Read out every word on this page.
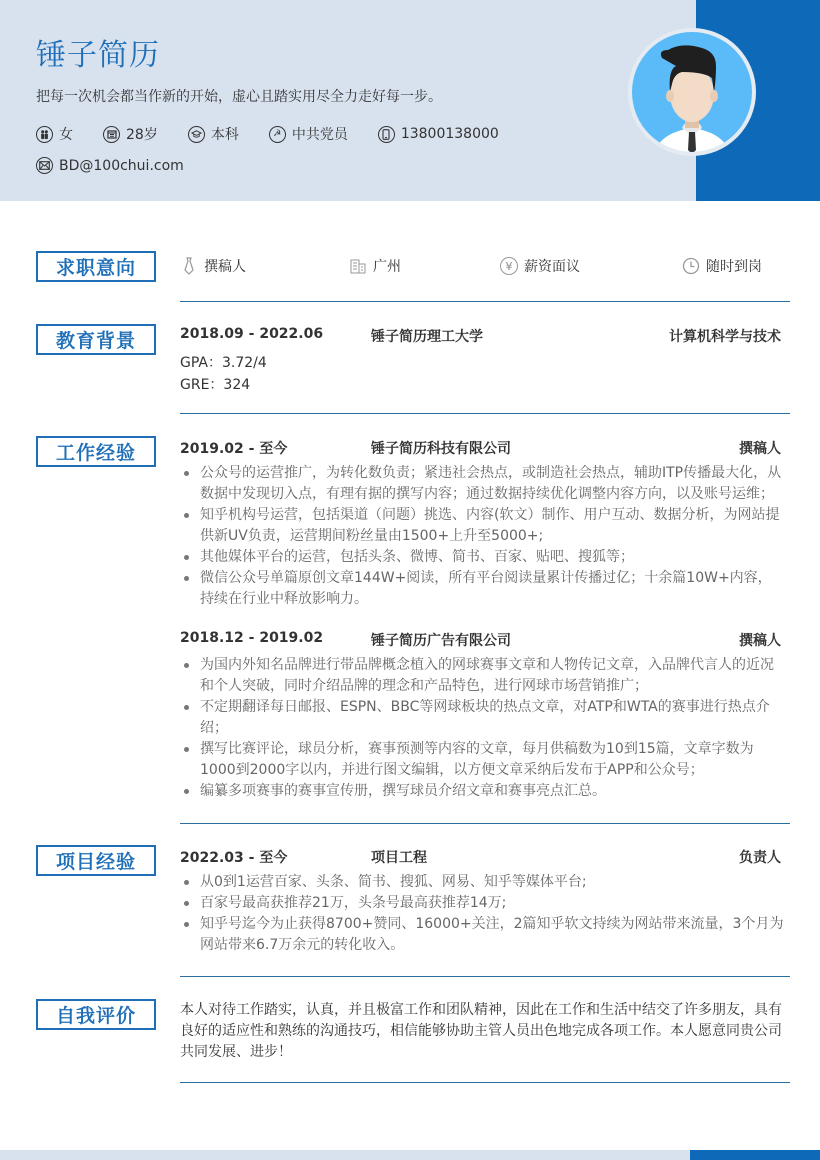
锤子简历
把每一次机会都当作新的开始，虚心且踏实用尽全力走好每一步。
女	28岁	本科	☭ 中共党员	13800138000
BD@100chui.com
求职意向	撰稿人	广州	¥ 薪资面议	随时到岗
教育背景	2018.09 - 2022.06	锤子简历理工大学	计算机科学与技术
GPA：3.72/4
GRE：324
工作经验	2019.02 - 至今	锤子简历科技有限公司	撰稿人
公众号的运营推广，为转化数负责；紧违社会热点，或制造社会热点，辅助ITP传播最大化，从数据中发现切入点，有理有据的撰写内容；通过数据持续优化调整内容方向，以及账号运维；
知乎机构号运营，包括渠道（问题）挑选、内容(软文）制作、用户互动、数据分析，为网站提供新UV负责，运营期间粉丝量由1500+上升至5000+;
其他媒体平台的运营，包括头条、微博、简书、百家、贴吧、搜狐等；
微信公众号单篇原创文章144W+阅读，所有平台阅读量累计传播过亿；十余篇10W+内容，持续在行业中释放影响力。
2018.12 - 2019.02	锤子简历广告有限公司	撰稿人
为国内外知名品牌进行带品牌概念植入的网球赛事文章和人物传记文章，入品牌代言人的近况和个人突破，同时介绍品牌的理念和产品特色，进行网球市场营销推广；
不定期翻译每日邮报、ESPN、BBC等网球板块的热点文章，对ATP和WTA的赛事进行热点介绍；
撰写比赛评论，球员分析，赛事预测等内容的文章，每月供稿数为10到15篇，文章字数为1000到2000字以内，并进行图文编辑，以方便文章采纳后发布于APP和公众号；
编纂多项赛事的赛事宣传册，撰写球员介绍文章和赛事亮点汇总。
项目经验	2022.03 - 至今	项目工程	负责人
从0到1运营百家、头条、简书、搜狐、网易、知乎等媒体平台;
百家号最高获推荐21万，头条号最高获推荐14万;
知乎号迄今为止获得8700+赞同、16000+关注，2篇知乎软文持续为网站带来流量，3个月为网站带来6.7万余元的转化收入。
自我评价	本人对待工作踏实，认真，并且极富工作和团队精神，因此在工作和生活中结交了许多朋友，具有良好的适应性和熟练的沟通技巧，相信能够协助主管人员出色地完成各项工作。本人愿意同贵公司共同发展、进步！
